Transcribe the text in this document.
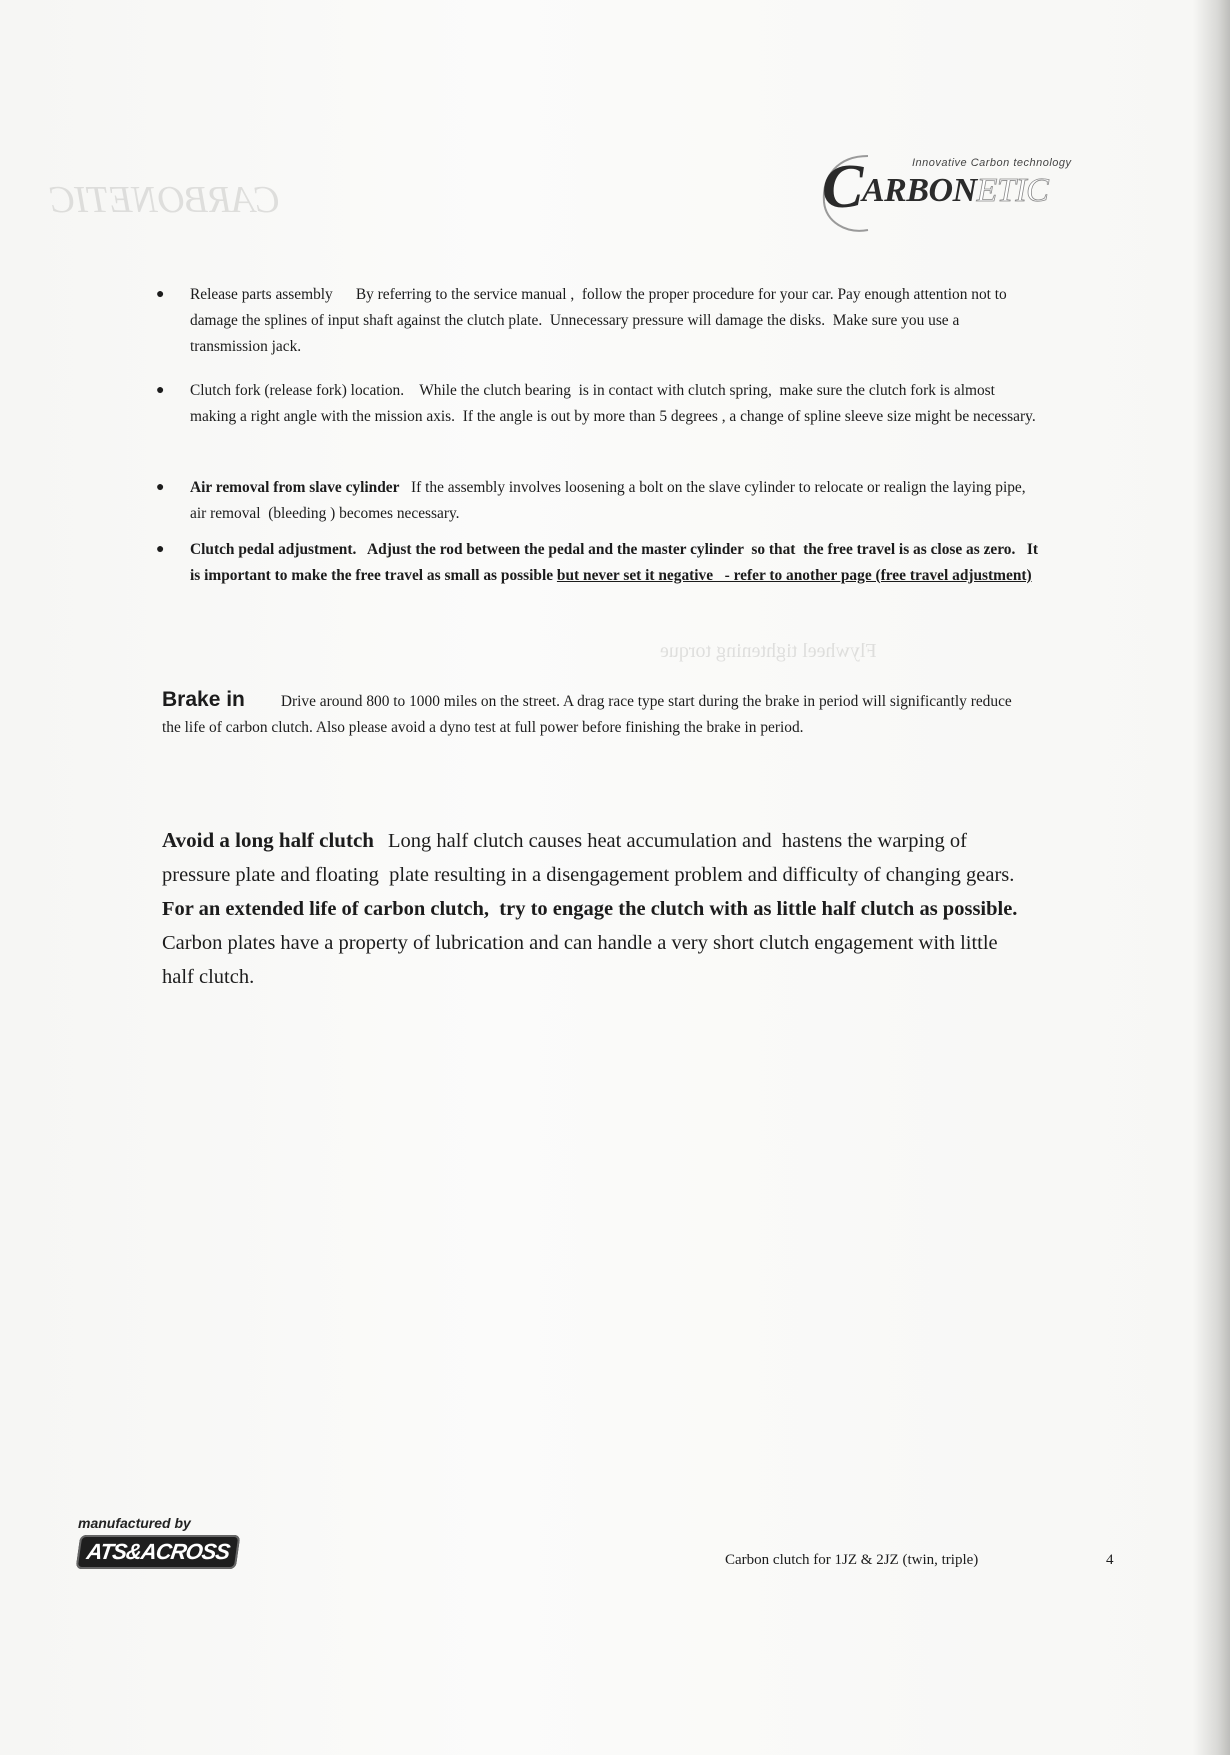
CARBONETIC
Flywheel tightening torque
Innovative Carbon technology
C
ARBONETIC
● Release parts assembly      By referring to the service manual ,  follow the proper procedure for your car. Pay enough attention not to damage the splines of input shaft against the clutch plate.  Unnecessary pressure will damage the disks.  Make sure you use a transmission jack.
● Clutch fork (release fork) location.    While the clutch bearing  is in contact with clutch spring,  make sure the clutch fork is almost making a right angle with the mission axis.  If the angle is out by more than 5 degrees , a change of spline sleeve size might be necessary.
● Air removal from slave cylinder   If the assembly involves loosening a bolt on the slave cylinder to relocate or realign the laying pipe,  air removal  (bleeding ) becomes necessary.
● Clutch pedal adjustment.   Adjust the rod between the pedal and the master cylinder  so that  the free travel is as close as zero.   It is important to make the free travel as small as possible but never set it negative   - refer to another page (free travel adjustment)
Brake in Drive around 800 to 1000 miles on the street. A drag race type start during the brake in period will significantly reduce the life of carbon clutch. Also please avoid a dyno test at full power before finishing the brake in period.
Avoid a long half clutch Long half clutch causes heat accumulation and  hastens the warping of pressure plate and floating  plate resulting in a disengagement problem and difficulty of changing gears.  For an extended life of carbon clutch,  try to engage the clutch with as little half clutch as possible.  Carbon plates have a property of lubrication and can handle a very short clutch engagement with little half clutch.
manufactured by
ATS&ACROSS	Carbon clutch for 1JZ & 2JZ (twin, triple)	4
